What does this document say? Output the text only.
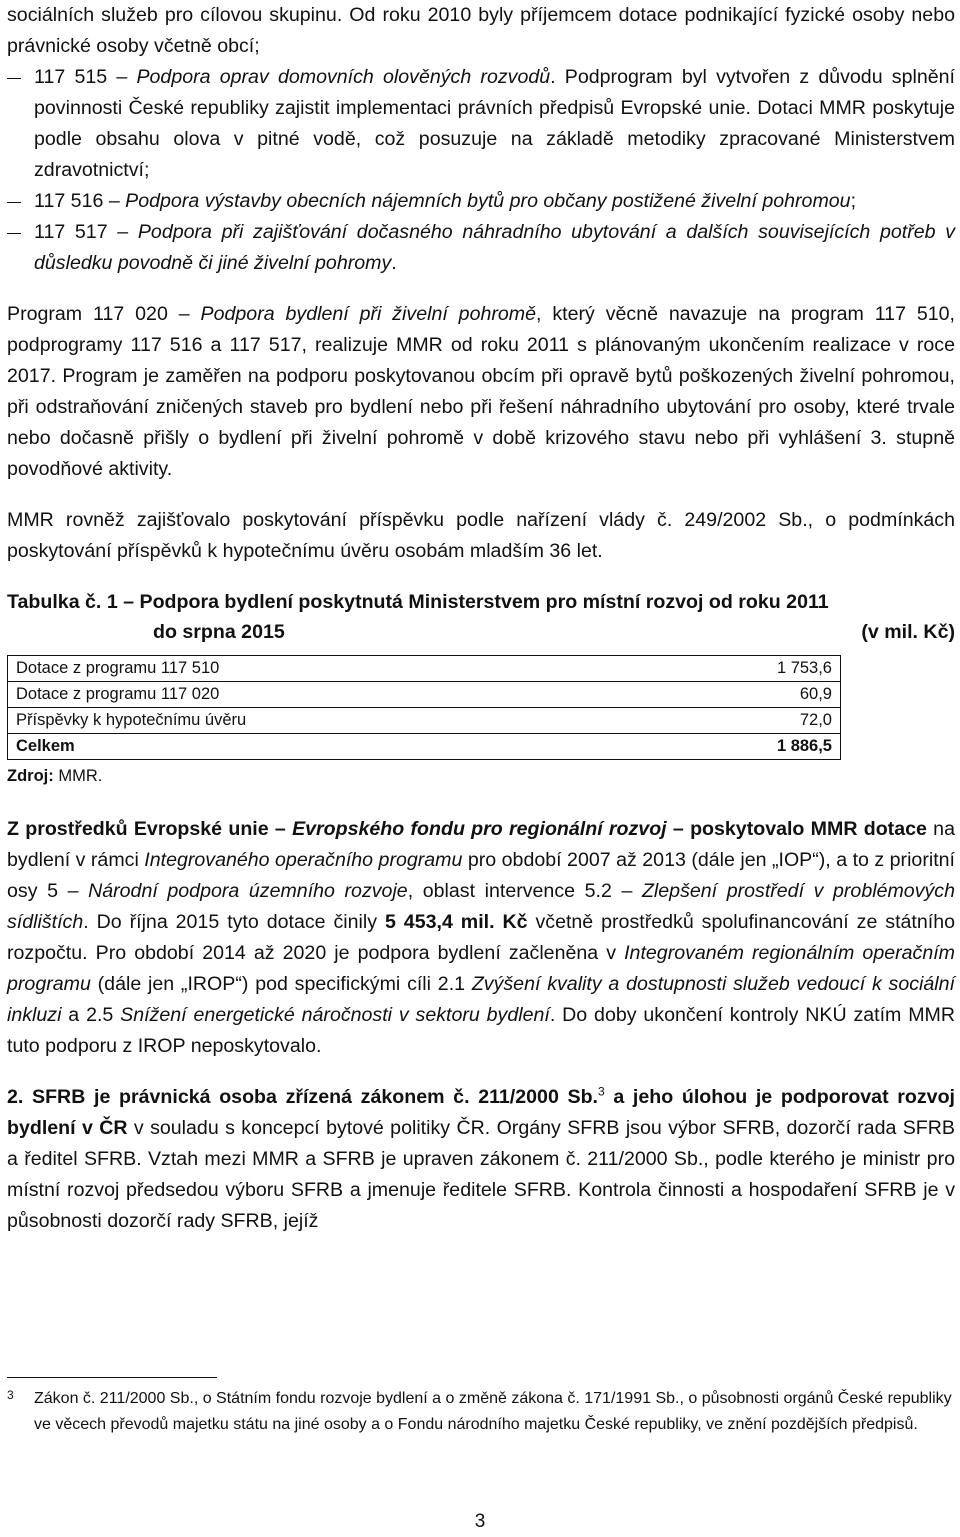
sociálních služeb pro cílovou skupinu. Od roku 2010 byly příjemcem dotace podnikající fyzické osoby nebo právnické osoby včetně obcí;

117 515 – Podpora oprav domovních olověných rozvodů. Podprogram byl vytvořen z důvodu splnění povinnosti České republiky zajistit implementaci právních předpisů Evropské unie. Dotaci MMR poskytuje podle obsahu olova v pitné vodě, což posuzuje na základě metodiky zpracované Ministerstvem zdravotnictví;

117 516 – Podpora výstavby obecních nájemních bytů pro občany postižené živelní pohromou;

117 517 – Podpora při zajišťování dočasného náhradního ubytování a dalších souvisejících potřeb v důsledku povodně či jiné živelní pohromy.

Program 117 020 – Podpora bydlení při živelní pohromě, který věcně navazuje na program 117 510, podprogramy 117 516 a 117 517, realizuje MMR od roku 2011 s plánovaným ukončením realizace v roce 2017. Program je zaměřen na podporu poskytovanou obcím při opravě bytů poškozených živelní pohromou, při odstraňování zničených staveb pro bydlení nebo při řešení náhradního ubytování pro osoby, které trvale nebo dočasně přišly o bydlení při živelní pohromě v době krizového stavu nebo při vyhlášení 3. stupně povodňové aktivity.

MMR rovněž zajišťovalo poskytování příspěvku podle nařízení vlády č. 249/2002 Sb., o podmínkách poskytování příspěvků k hypotečnímu úvěru osobám mladším 36 let.

Tabulka č. 1 – Podpora bydlení poskytnutá Ministerstvem pro místní rozvoj od roku 2011
do srpna 2015	(v mil. Kč)
Dotace z programu 117 510	1 753,6
Dotace z programu 117 020	60,9
Příspěvky k hypotečnímu úvěru	72,0
Celkem	1 886,5
Zdroj: MMR.

Z prostředků Evropské unie – Evropského fondu pro regionální rozvoj – poskytovalo MMR dotace na bydlení v rámci Integrovaného operačního programu pro období 2007 až 2013 (dále jen „IOP“), a to z prioritní osy 5 – Národní podpora územního rozvoje, oblast intervence 5.2 – Zlepšení prostředí v problémových sídlištích. Do října 2015 tyto dotace činily 5 453,4 mil. Kč včetně prostředků spolufinancování ze státního rozpočtu. Pro období 2014 až 2020 je podpora bydlení začleněna v Integrovaném regionálním operačním programu (dále jen „IROP“) pod specifickými cíli 2.1 Zvýšení kvality a dostupnosti služeb vedoucí k sociální inkluzi a 2.5 Snížení energetické náročnosti v sektoru bydlení. Do doby ukončení kontroly NKÚ zatím MMR tuto podporu z IROP neposkytovalo.

2. SFRB je právnická osoba zřízená zákonem č. 211/2000 Sb.$^3$ a jeho úlohou je podporovat rozvoj bydlení v ČR v souladu s koncepcí bytové politiky ČR. Orgány SFRB jsou výbor SFRB, dozorčí rada SFRB a ředitel SFRB. Vztah mezi MMR a SFRB je upraven zákonem č. 211/2000 Sb., podle kterého je ministr pro místní rozvoj předsedou výboru SFRB a jmenuje ředitele SFRB. Kontrola činnosti a hospodaření SFRB je v působnosti dozorčí rady SFRB, jejíž

3	Zákon č. 211/2000 Sb., o Státním fondu rozvoje bydlení a o změně zákona č. 171/1991 Sb., o působnosti orgánů České republiky ve věcech převodů majetku státu na jiné osoby a o Fondu národního majetku České republiky, ve znění pozdějších předpisů.
3
